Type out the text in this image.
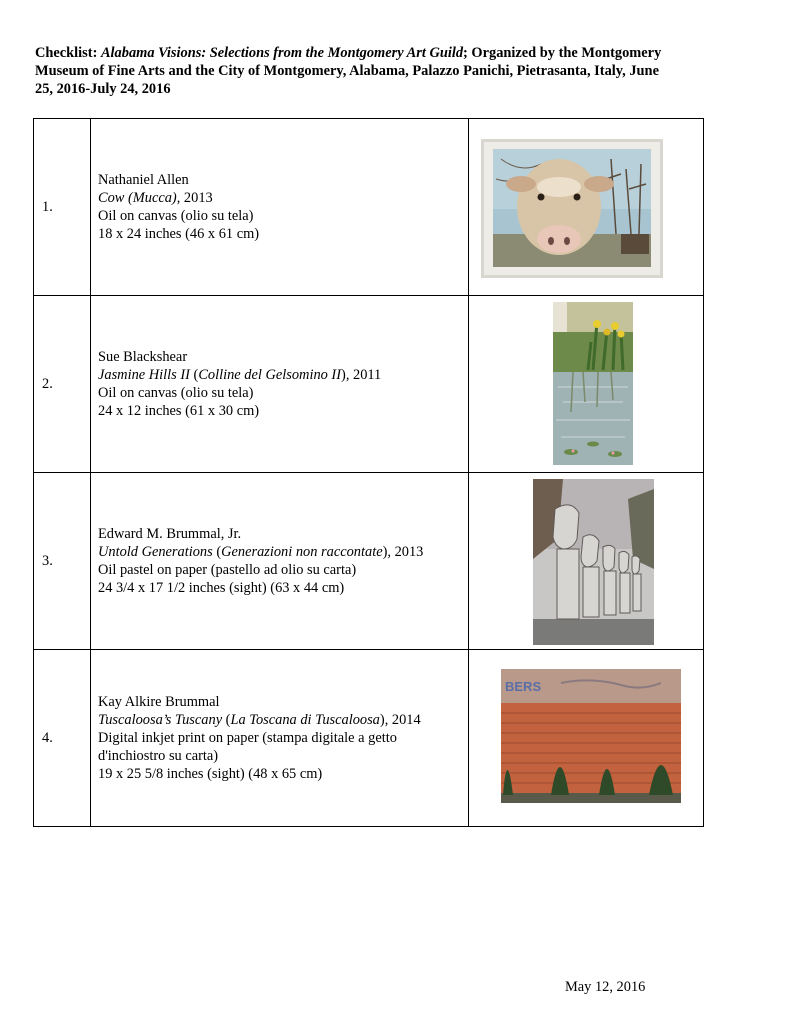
Checklist: Alabama Visions: Selections from the Montgomery Art Guild; Organized by the Montgomery Museum of Fine Arts and the City of Montgomery, Alabama, Palazzo Panichi, Pietrasanta, Italy, June 25, 2016-July 24, 2016
1.	Nathaniel Allen
Cow (Mucca), 2013
Oil on canvas (olio su tela)
18 x 24 inches (46 x 61 cm)

2.	Sue Blackshear
Jasmine Hills II (Colline del Gelsomino II), 2011
Oil on canvas (olio su tela)
24 x 12 inches (61 x 30 cm)

3.	Edward M. Brummal, Jr.
Untold Generations (Generazioni non raccontate), 2013
Oil pastel on paper (pastello ad olio su carta)
24 3/4 x 17 1/2 inches (sight) (63 x 44 cm)

4.	Kay Alkire Brummal
Tuscaloosa’s Tuscany (La Toscana di Tuscaloosa), 2014
Digital inkjet print on paper (stampa digitale a getto
d'inchiostro su carta)
19 x 25 5/8 inches (sight) (48 x 65 cm)	BERS
May 12, 2016
